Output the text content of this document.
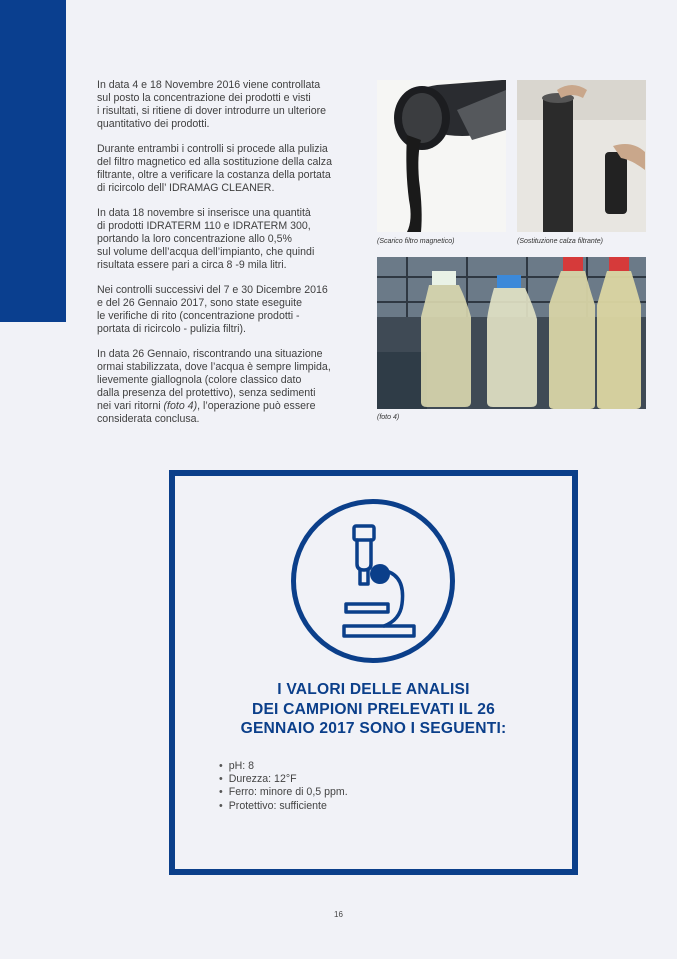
In data 4 e 18 Novembre 2016 viene controllata
sul posto la concentrazione dei prodotti e visti
i risultati, si ritiene di dover introdurre un ulteriore
quantitativo dei prodotti.

Durante entrambi i controlli si procede alla pulizia
del filtro magnetico ed alla sostituzione della calza
filtrante, oltre a verificare la costanza della portata
di ricircolo dell’ IDRAMAG CLEANER.

In data 18 novembre si inserisce una quantità
di prodotti IDRATERM 110 e IDRATERM 300,
portando la loro concentrazione allo 0,5%
sul volume dell’acqua dell’impianto, che quindi
risultata essere pari a circa 8 -9 mila litri.

Nei controlli successivi del 7 e 30 Dicembre 2016
e del 26 Gennaio 2017, sono state eseguite
le verifiche di rito (concentrazione prodotti -
portata di ricircolo - pulizia filtri).

In data 26 Gennaio, riscontrando una situazione
ormai stabilizzata, dove l’acqua è sempre limpida,
lievemente giallognola (colore classico dato
dalla presenza del protettivo), senza sedimenti
nei vari ritorni (foto 4), l’operazione può essere
considerata conclusa.

(Scarico filtro magnetico)	(Sostituzione calza filtrante)
(foto 4)
I VALORI DELLE ANALISI
DEI CAMPIONI PRELEVATI IL 26
GENNAIO 2017 SONO I SEGUENTI:
• pH: 8
• Durezza: 12°F
• Ferro: minore di 0,5 ppm.
• Protettivo: sufficiente
16
